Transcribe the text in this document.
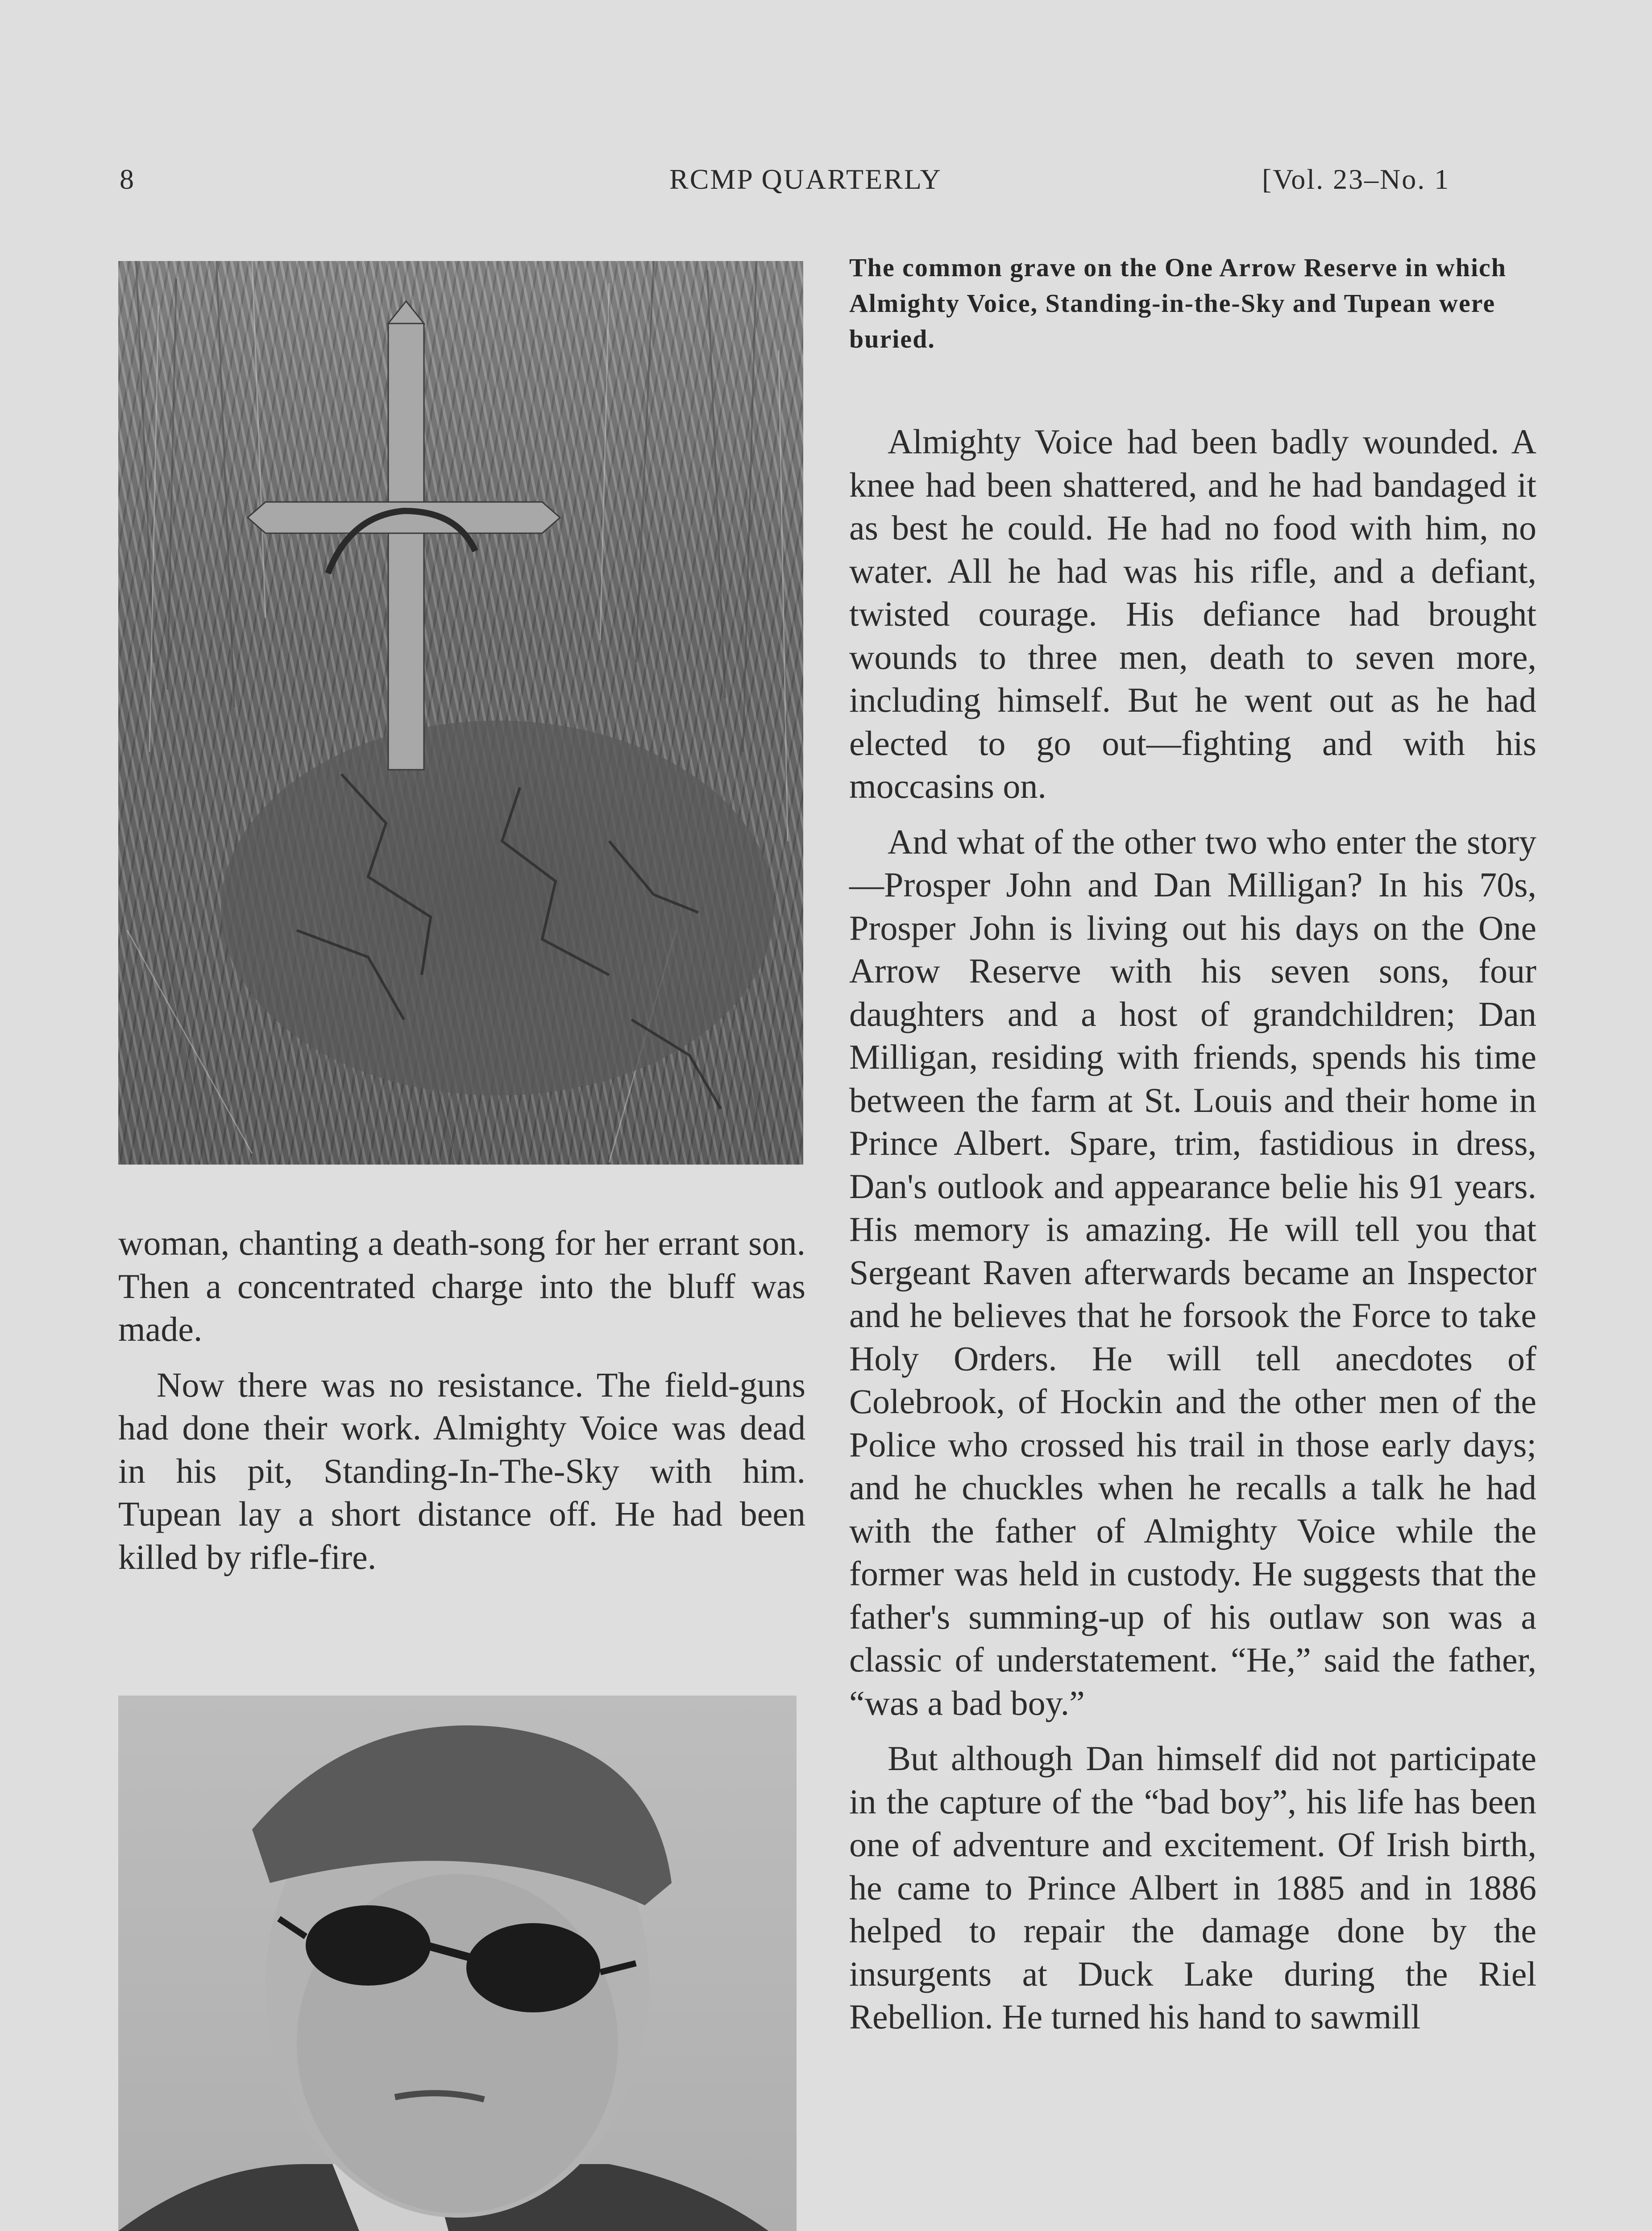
8	RCMP QUARTERLY	[Vol. 23–No. 1
The common grave on the One Arrow Reserve in which Almighty Voice, Standing-in-the-Sky and Tupean were buried.

Almighty Voice had been badly wounded. A knee had been shattered, and he had bandaged it as best he could. He had no food with him, no water. All he had was his rifle, and a defiant, twisted courage. His defiance had brought wounds to three men, death to seven more, including himself. But he went out as he had elected to go out—fighting and with his moccasins on.

And what of the other two who enter the story—Prosper John and Dan Milligan? In his 70s, Prosper John is living out his days on the One Arrow Reserve with his seven sons, four daughters and a host of grandchildren; Dan Milligan, residing with friends, spends his time between the farm at St. Louis and their home in Prince Albert. Spare, trim, fastidious in dress, Dan's outlook and appearance belie his 91 years. His memory is amazing. He will tell you that Sergeant Raven afterwards became an Inspector and he believes that he forsook the Force to take Holy Orders. He will tell anecdotes of Colebrook, of Hockin and the other men of the Police who crossed his trail in those early days; and he chuckles when he recalls a talk he had with the father of Almighty Voice while the former was held in custody. He suggests that the father's summing-up of his outlaw son was a classic of understatement. “He,” said the father, “was a bad boy.”

But although Dan himself did not participate in the capture of the “bad boy”, his life has been one of adventure and excitement. Of Irish birth, he came to Prince Albert in 1885 and in 1886 helped to repair the damage done by the insurgents at Duck Lake during the Riel Rebellion. He turned his hand to sawmill

woman, chanting a death-song for her errant son. Then a concentrated charge into the bluff was made.

Now there was no resistance. The field-guns had done their work. Almighty Voice was dead in his pit, Standing-In-The-Sky with him. Tupean lay a short distance off. He had been killed by rifle-fire.
